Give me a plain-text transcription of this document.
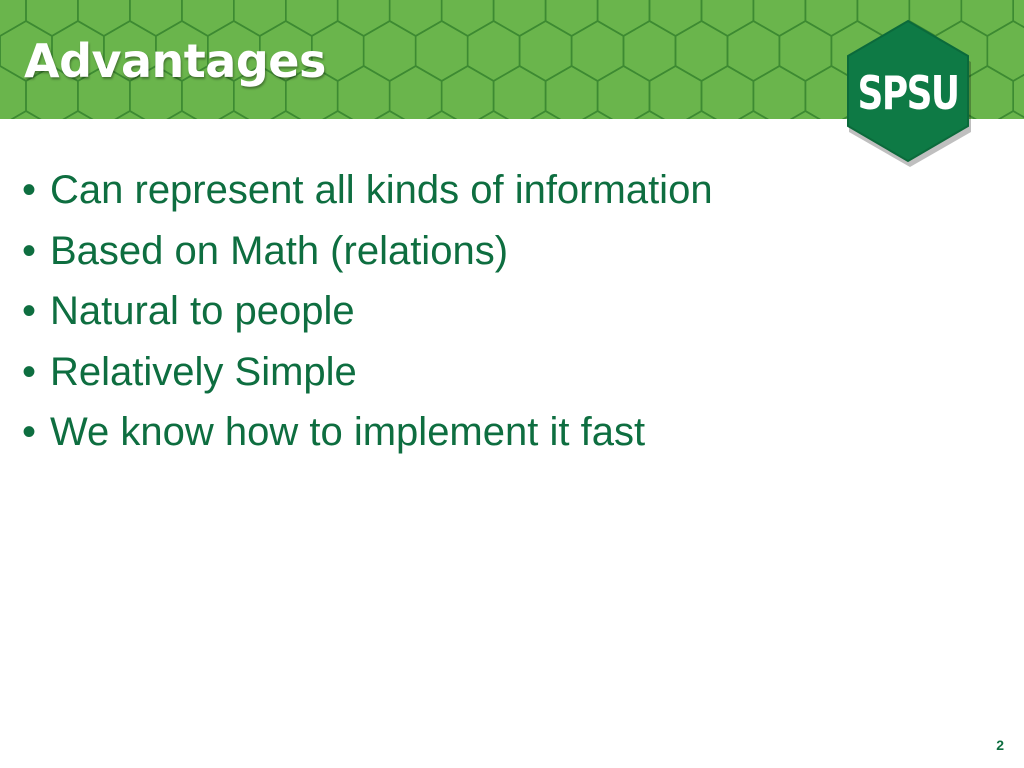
Advantages
SPSU
• Can represent all kinds of information
• Based on Math (relations)
• Natural to people
• Relatively Simple
• We know how to implement it fast
2
